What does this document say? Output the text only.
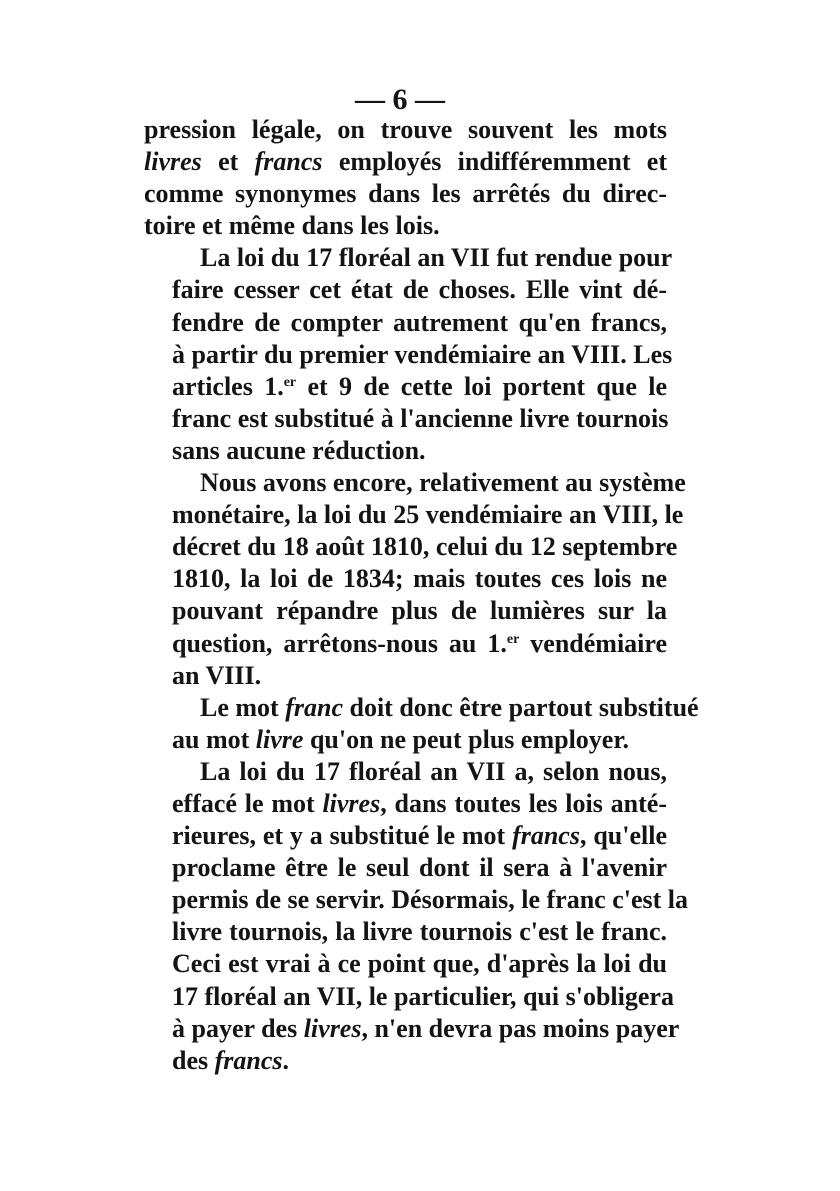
— 6 —

pression légale, on trouve souvent les mots
livres et francs employés indifféremment et
comme synonymes dans les arrêtés du direc-
toire et même dans les lois.

La loi du 17 floréal an VII fut rendue pour
faire cesser cet état de choses. Elle vint dé-
fendre de compter autrement qu'en francs,
à partir du premier vendémiaire an VIII. Les
articles 1.$^{er}$ et 9 de cette loi portent que le
franc est substitué à l'ancienne livre tournois
sans aucune réduction.

Nous avons encore, relativement au système
monétaire, la loi du 25 vendémiaire an VIII, le
décret du 18 août 1810, celui du 12 septembre
1810, la loi de 1834; mais toutes ces lois ne
pouvant répandre plus de lumières sur la
question, arrêtons-nous au 1.$^{er}$ vendémiaire
an VIII.

Le mot franc doit donc être partout substitué
au mot livre qu'on ne peut plus employer.

La loi du 17 floréal an VII a, selon nous,
effacé le mot livres, dans toutes les lois anté-
rieures, et y a substitué le mot francs, qu'elle
proclame être le seul dont il sera à l'avenir
permis de se servir. Désormais, le franc c'est la
livre tournois, la livre tournois c'est le franc.
Ceci est vrai à ce point que, d'après la loi du
17 floréal an VII, le particulier, qui s'obligera
à payer des livres, n'en devra pas moins payer
des francs.
